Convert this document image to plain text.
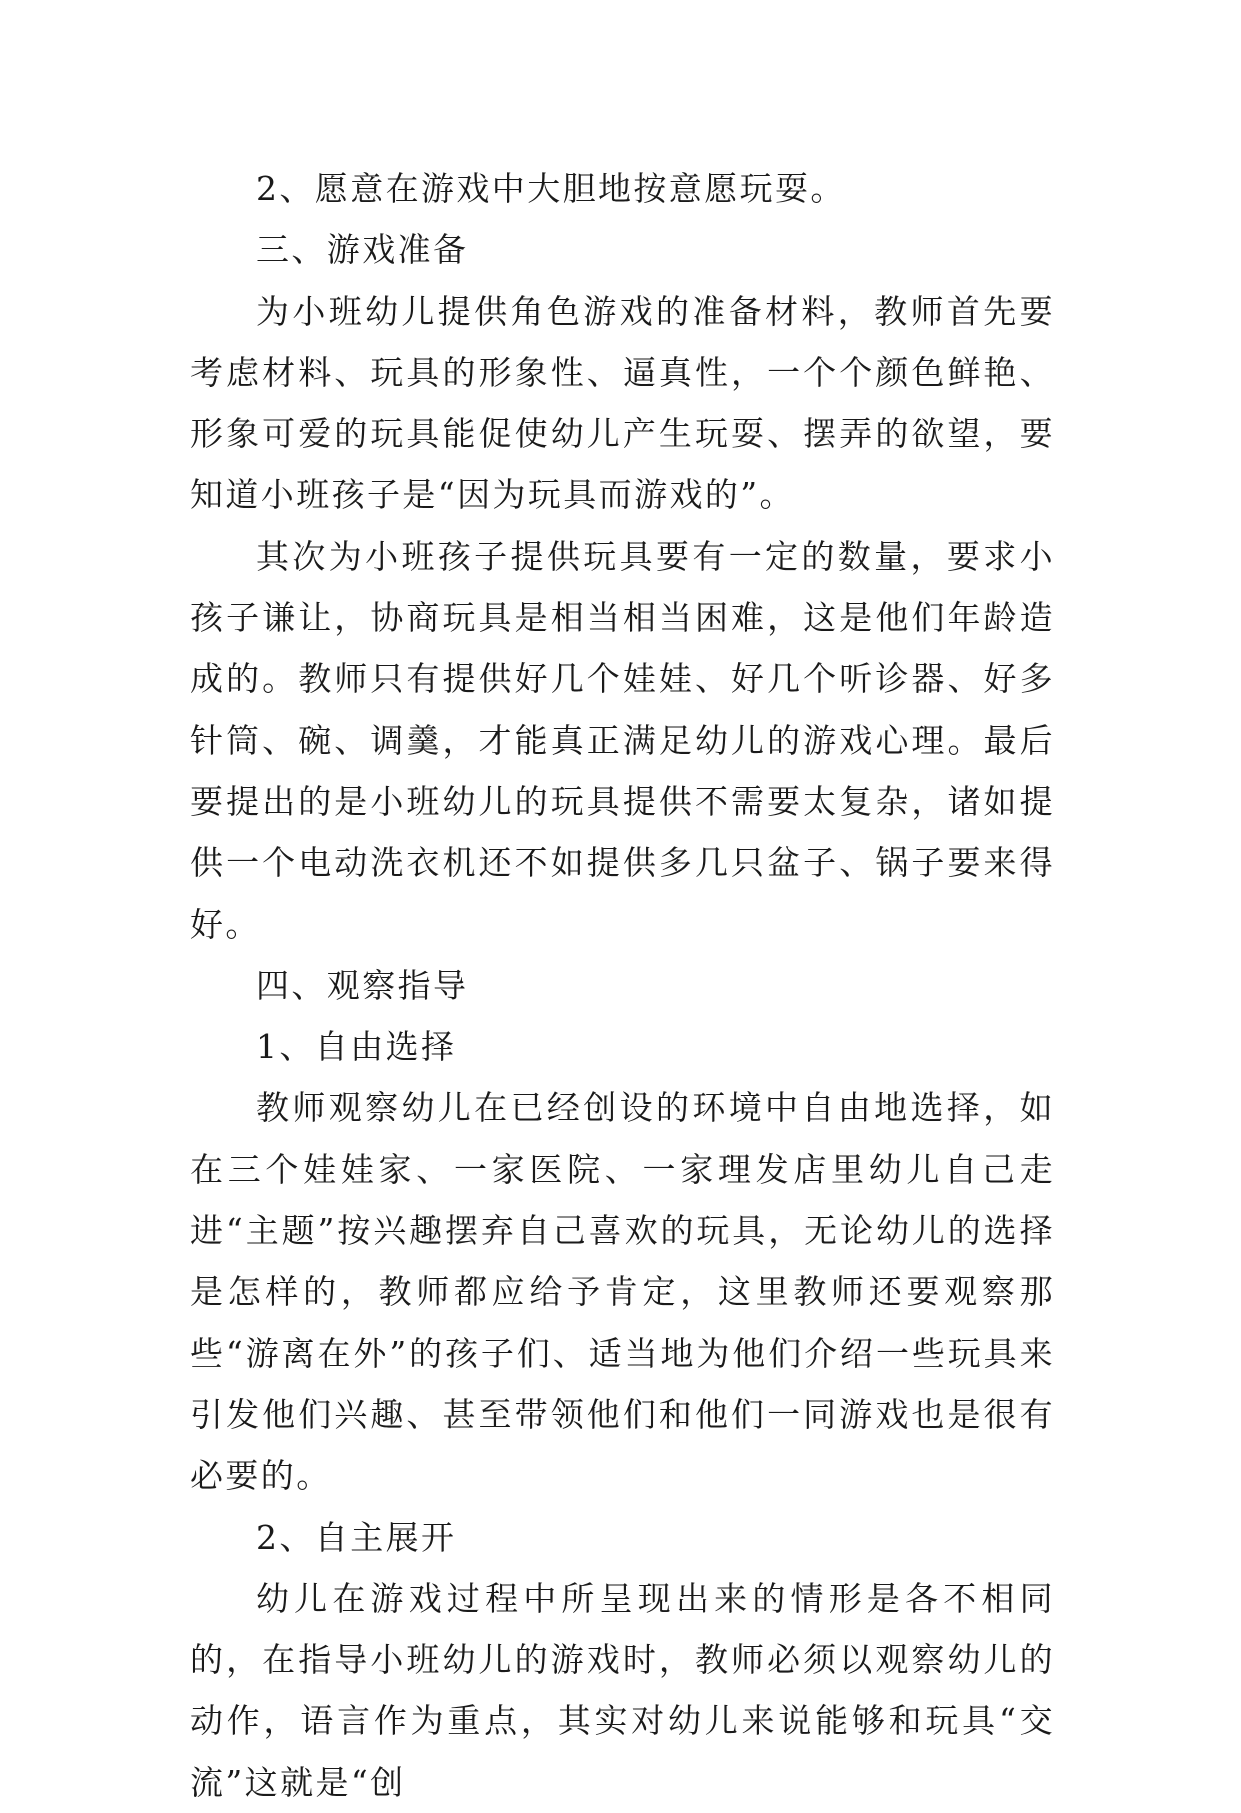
2、愿意在游戏中大胆地按意愿玩耍。

三、游戏准备

为小班幼儿提供角色游戏的准备材料，教师首先要考虑材料、玩具的形象性、逼真性，一个个颜色鲜艳、形象可爱的玩具能促使幼儿产生玩耍、摆弄的欲望，要知道小班孩子是“因为玩具而游戏的”。

其次为小班孩子提供玩具要有一定的数量，要求小孩子谦让，协商玩具是相当相当困难，这是他们年龄造成的。教师只有提供好几个娃娃、好几个听诊器、好多针筒、碗、调羹，才能真正满足幼儿的游戏心理。最后要提出的是小班幼儿的玩具提供不需要太复杂，诸如提供一个电动洗衣机还不如提供多几只盆子、锅子要来得好。

四、观察指导

1、自由选择

教师观察幼儿在已经创设的环境中自由地选择，如在三个娃娃家、一家医院、一家理发店里幼儿自己走进“主题”按兴趣摆弃自己喜欢的玩具，无论幼儿的选择是怎样的，教师都应给予肯定，这里教师还要观察那些“游离在外”的孩子们、适当地为他们介绍一些玩具来引发他们兴趣、甚至带领他们和他们一同游戏也是很有必要的。

2、自主展开

幼儿在游戏过程中所呈现出来的情形是各不相同的，在指导小班幼儿的游戏时，教师必须以观察幼儿的动作，语言作为重点，其实对幼儿来说能够和玩具“交流”这就是“创
